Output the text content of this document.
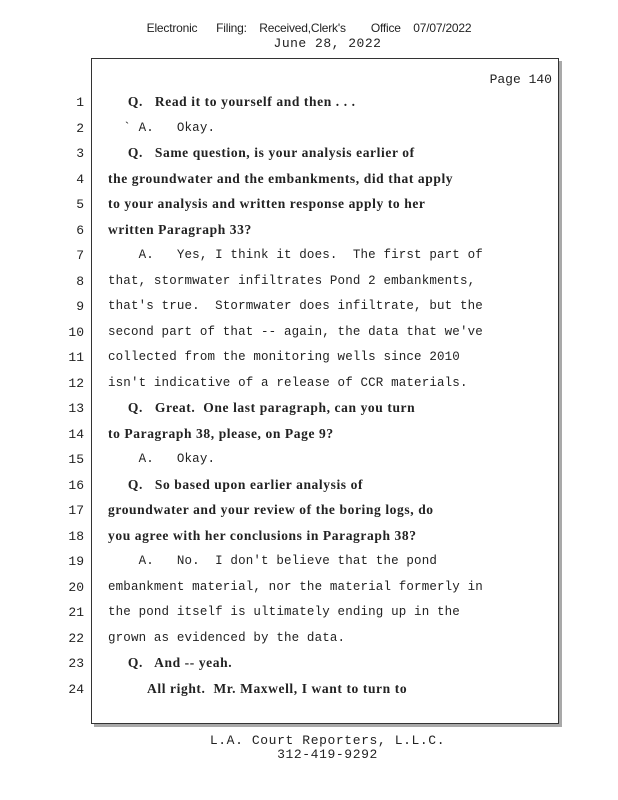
Electronic      Filing:    Received,Clerk's        Office    07/07/2022
June 28, 2022
Page 140
1 Q.   Read it to yourself and then . . .
2 ` A.   Okay.
3 Q.   Same question, is your analysis earlier of
4 the groundwater and the embankments, did that apply
5 to your analysis and written response apply to her
6 written Paragraph 33?
7 A.   Yes, I think it does.  The first part of
8 that, stormwater infiltrates Pond 2 embankments,
9 that's true.  Stormwater does infiltrate, but the
10 second part of that -- again, the data that we've
11 collected from the monitoring wells since 2010
12 isn't indicative of a release of CCR materials.
13 Q.   Great.  One last paragraph, can you turn
14 to Paragraph 38, please, on Page 9?
15 A.   Okay.
16 Q.   So based upon earlier analysis of
17 groundwater and your review of the boring logs, do
18 you agree with her conclusions in Paragraph 38?
19 A.   No.  I don't believe that the pond
20 embankment material, nor the material formerly in
21 the pond itself is ultimately ending up in the
22 grown as evidenced by the data.
23 Q.   And -- yeah.
24 All right.  Mr. Maxwell, I want to turn to
L.A. Court Reporters, L.L.C.
312-419-9292
